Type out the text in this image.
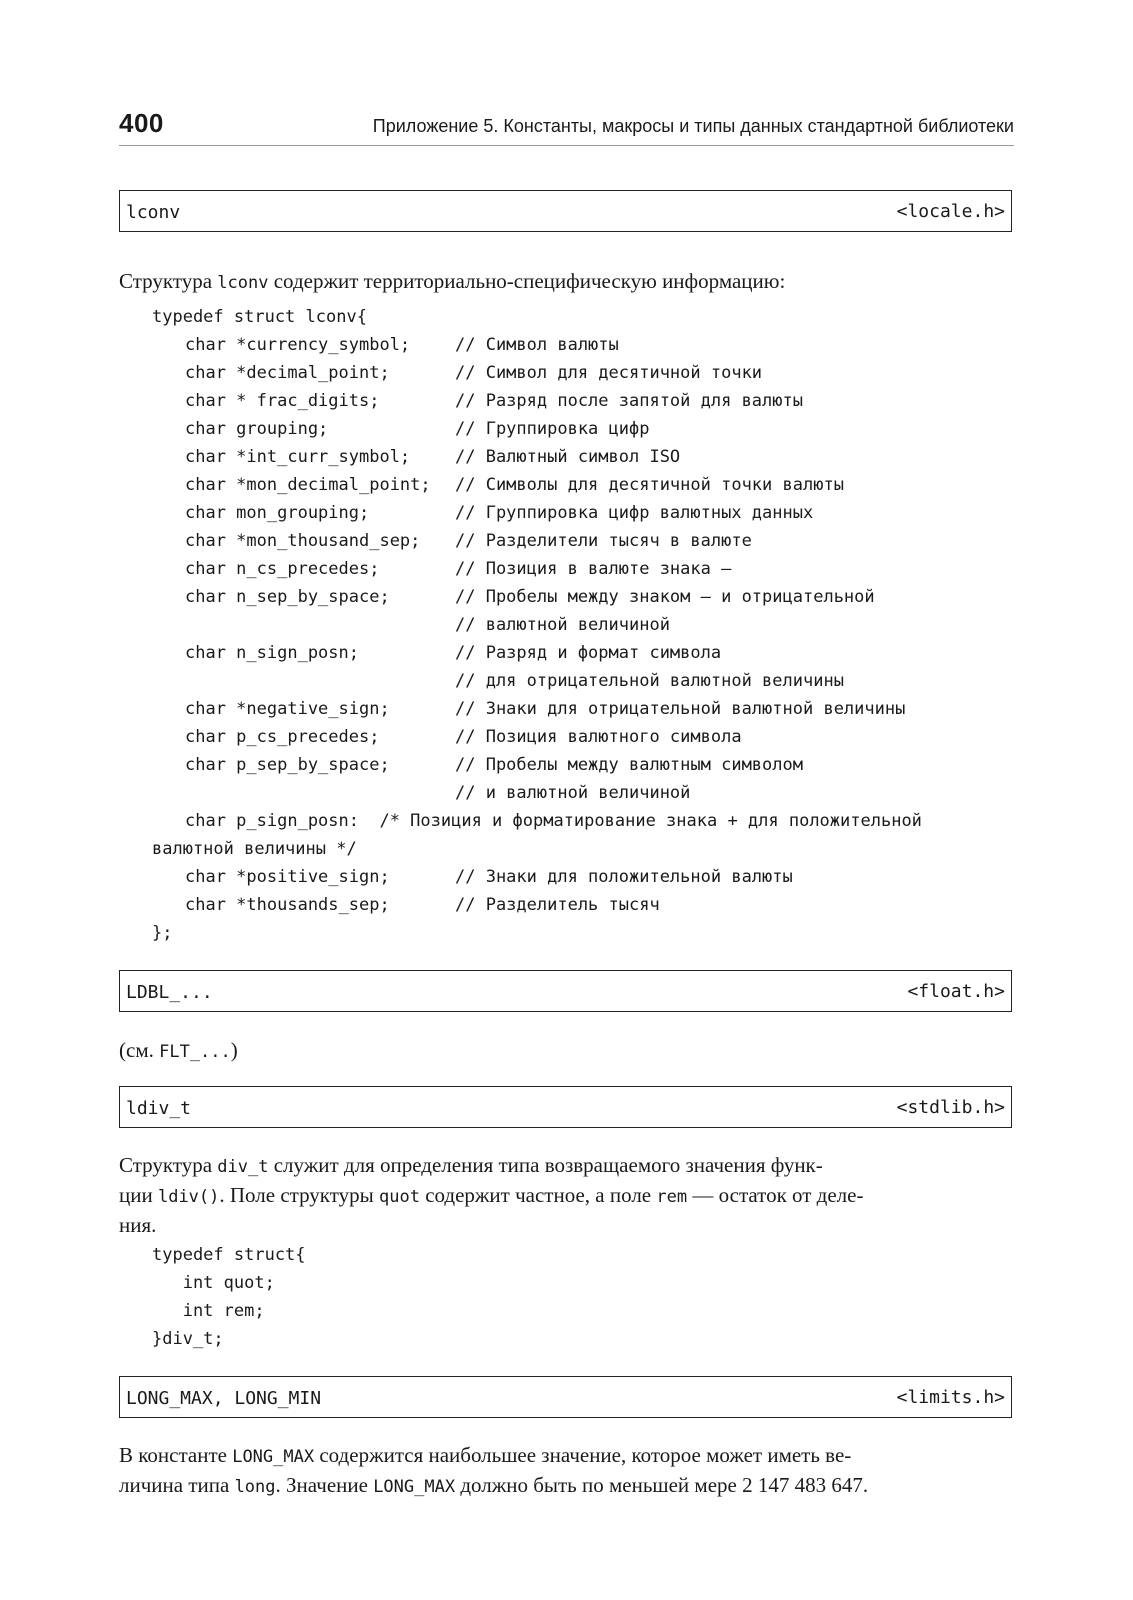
400	Приложение 5. Константы, макросы и типы данных стандартной библиотеки
lconv	<locale.h>
Структура lconv содержит территориально-специфическую информацию:

typedef struct lconv{

char *currency_symbol;	// Символ валюты
char *decimal_point;	// Символ для десятичной точки
char * frac_digits;	// Разряд после запятой для валюты
char grouping;	// Группировка цифр
char *int_curr_symbol;	// Валютный символ ISO
char *mon_decimal_point; // Символы для десятичной точки валюты
char mon_grouping;	// Группировка цифр валютных данных
char *mon_thousand_sep; // Разделители тысяч в валюте
char n_cs_precedes;	// Позиция в валюте знака –
char n_sep_by_space;	// Пробелы между знаком – и отрицательной
// валютной величиной
char n_sign_posn;	// Разряд и формат символа
// для отрицательной валютной величины
char *negative_sign;	// Знаки для отрицательной валютной величины
char p_cs_precedes;	// Позиция валютного символа
char p_sep_by_space;	// Пробелы между валютным символом
// и валютной величиной

char p_sign_posn:  /* Позиция и форматирование знака + для положительной

валютной величины */

char *positive_sign;	// Знаки для положительной валюты
char *thousands_sep;	// Разделитель тысяч

};

LDBL_...	<float.h>
(см. FLT_...)
ldiv_t	<stdlib.h>
Структура div_t служит для определения типа возвращаемого значения функ-
ции ldiv(). Поле структуры quot содержит частное, а поле rem — остаток от деле-
ния.

typedef struct{

int quot;

int rem;

}div_t;

LONG_MAX, LONG_MIN	<limits.h>
В константе LONG_MAX содержится наибольшее значение, которое может иметь ве-
личина типа long. Значение LONG_MAX должно быть по меньшей мере 2 147 483 647.
